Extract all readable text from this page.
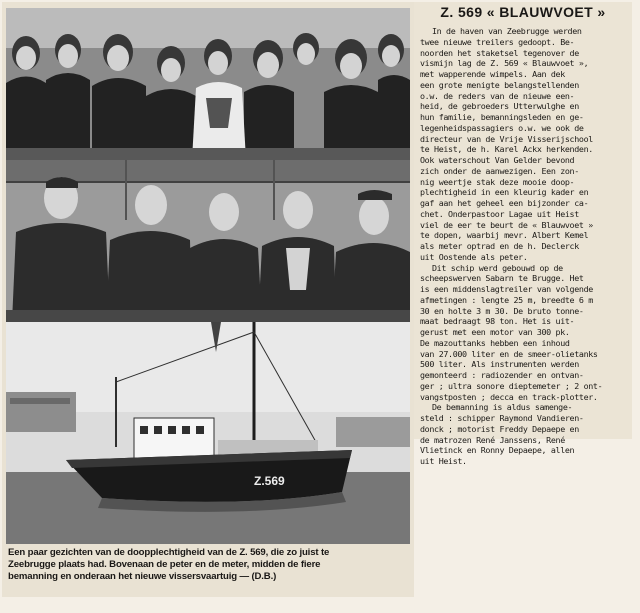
Z.569
Een paar gezichten van de doopplechtigheid van de Z. 569, die zo juist te
Zeebrugge plaats had. Bovenaan de peter en de meter, midden de fiere
bemanning en onderaan het nieuwe vissersvaartuig — (D.B.)
Z. 569 « BLAUWVOET »
In de haven van Zeebrugge werden
twee nieuwe treilers gedoopt. Be-
noorden het staketsel tegenover de
vismijn lag de Z. 569 « Blauwvoet »,
met wapperende wimpels. Aan dek
een grote menigte belangstellenden
o.w. de reders van de nieuwe een-
heid, de gebroeders Utterwulghe en
hun familie, bemanningsleden en ge-
legenheidspassagiers o.w. we ook de
directeur van de Vrije Visserijschool
te Heist, de h. Karel Ackx herkenden.
Ook waterschout Van Gelder bevond
zich onder de aanwezigen. Een zon-
nig weertje stak deze mooie doop-
plechtigheid in een kleurig kader en
gaf aan het geheel een bijzonder ca-
chet. Onderpastoor Lagae uit Heist
viel de eer te beurt de « Blauwvoet »
te dopen, waarbij mevr. Albert Kemel
als meter optrad en de h. Declerck
uit Oostende als peter.
Dit schip werd gebouwd op de
scheepswerven Sabarn te Brugge. Het
is een middenslagtreiler van volgende
afmetingen : lengte 25 m, breedte 6 m
30 en holte 3 m 30. De bruto tonne-
maat bedraagt 98 ton. Het is uit-
gerust met een motor van 300 pk.
De mazouttanks hebben een inhoud
van 27.000 liter en de smeer-olietanks
500 liter. Als instrumenten werden
gemonteerd : radiozender en ontvan-
ger ; ultra sonore dieptemeter ; 2 ont-
vangstposten ; decca en track-plotter.
De bemanning is aldus samenge-
steld : schipper Raymond Vandieren-
donck ; motorist Freddy Depaepe en
de matrozen René Janssens, René
Vlietinck en Ronny Depaepe, allen
uit Heist.
